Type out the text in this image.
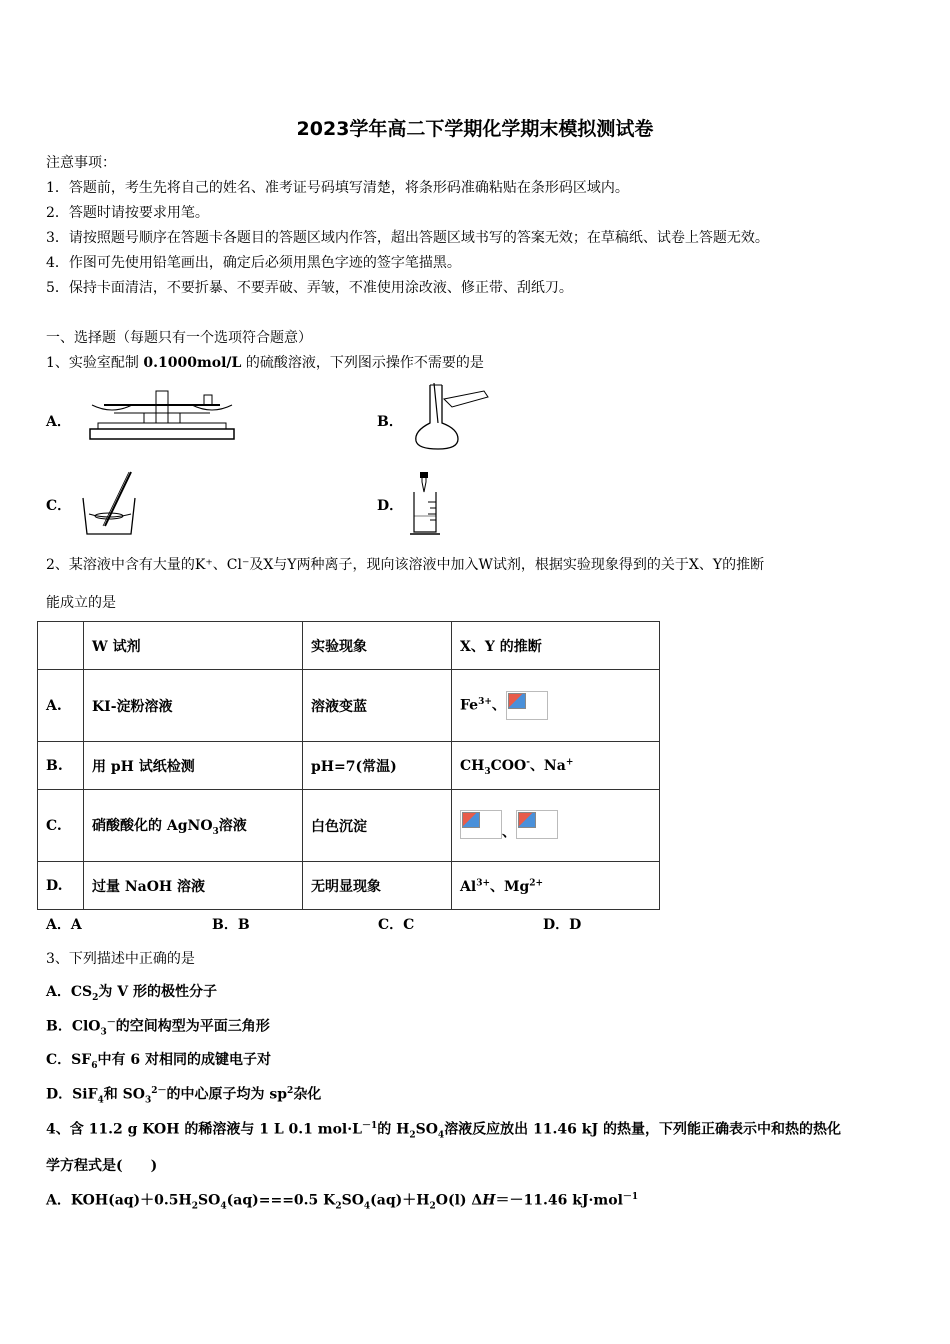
2023学年高二下学期化学期末模拟测试卷
注意事项：
1．答题前，考生先将自己的姓名、准考证号码填写清楚，将条形码准确粘贴在条形码区域内。
2．答题时请按要求用笔。
3．请按照题号顺序在答题卡各题目的答题区域内作答，超出答题区域书写的答案无效；在草稿纸、试卷上答题无效。
4．作图可先使用铅笔画出，确定后必须用黑色字迹的签字笔描黑。
5．保持卡面清洁，不要折暴、不要弄破、弄皱，不准使用涂改液、修正带、刮纸刀。
一、选择题（每题只有一个选项符合题意）
1、实验室配制 0.1000mol/L 的硫酸溶液，下列图示操作不需要的是
A．	B．
C．	D．
2、某溶液中含有大量的K⁺、Cl⁻及X与Y两种离子，现向该溶液中加入W试剂，根据实验现象得到的关于X、Y的推断
能成立的是
	W 试剂	实验现象	X、Y 的推断
A.	KI-淀粉溶液	溶液变蓝	$Fe^{3+}$、
B.	用 pH 试纸检测	pH=7(常温)	$CH_3COO^-$、Na+
C.	硝酸酸化的 AgNO$_3$溶液	白色沉淀	、
D.	过量 NaOH 溶液	无明显现象	$Al^{3+}$、$Mg^{2+}$
A．A	B．B	C．C	D．D
3、下列描述中正确的是
A．$CS_2$为 V 形的极性分子
B．ClO$_3$－的空间构型为平面三角形
C．$SF_6$中有 6 对相同的成键电子对
D．SiF$_4$和 $SO_3^{2-}$的中心原子均为 $sp^2$杂化
4、含 11.2 g KOH 的稀溶液与 1 L 0.1 $mol\cdot L^{-1}$的 $H_2SO_4$溶液反应放出 11.46 kJ 的热量，下列能正确表示中和热的热化
学方程式是(　　)
A．$KOH(aq)+0.5H_2SO_4(aq)===0.5$ $K_2SO_4(aq)+H_2O(l)$ ΔH＝－11.46 kJ·mol$^{-1}$
